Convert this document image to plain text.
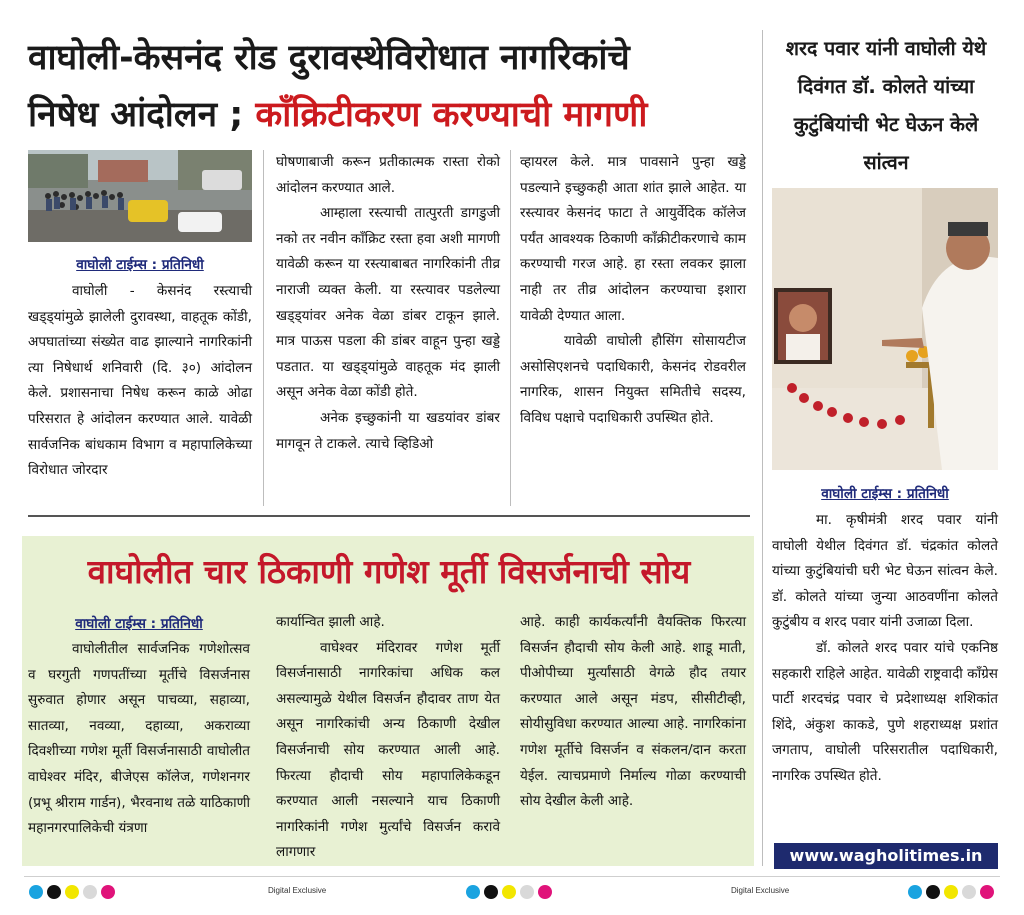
वाघोली-केसनंद रोड दुरावस्थेविरोधात नागरिकांचे
निषेध आंदोलन ; कॉंक्रिटीकरण करण्याची मागणी
वाघोली टाईम्स : प्रतिनिधी

वाघोली - केसनंद रस्त्याची खड्ड्यांमुळे झालेली दुरावस्था, वाहतूक कोंडी, अपघातांच्या संख्येत वाढ झाल्याने नागरिकांनी त्या निषेधार्थ शनिवारी (दि. ३०) आंदोलन केले. प्रशासनाचा निषेध करून काळे ओढा परिसरात हे आंदोलन करण्यात आले. यावेळी सार्वजनिक बांधकाम विभाग व महापालिकेच्या विरोधात जोरदार

घोषणाबाजी करून प्रतीकात्मक रास्ता रोको आंदोलन करण्यात आले.

आम्हाला रस्त्याची तात्पुरती डागडुजी नको तर नवीन कॉंक्रिट रस्ता हवा अशी मागणी यावेळी करून या रस्त्याबाबत नागरिकांनी तीव्र नाराजी व्यक्त केली. या रस्त्यावर पडलेल्या खड्ड्यांवर अनेक वेळा डांबर टाकून झाले. मात्र पाऊस पडला की डांबर वाहून पुन्हा खड्डे पडतात. या खड्ड्यांमुळे वाहतूक मंद झाली असून अनेक वेळा कोंडी होते.

अनेक इच्छुकांनी या खडयांवर डांबर मागवून ते टाकले. त्याचे व्हिडिओ

व्हायरल केले. मात्र पावसाने पुन्हा खड्डे पडल्याने इच्छुकही आता शांत झाले आहेत. या रस्त्यावर केसनंद फाटा ते आयुर्वेदिक कॉलेज पर्यंत आवश्यक ठिकाणी कॉंक्रीटीकरणाचे काम करण्याची गरज आहे. हा रस्ता लवकर झाला नाही तर तीव्र आंदोलन करण्याचा इशारा यावेळी देण्यात आला.

यावेळी वाघोली हौसिंग सोसायटीज असोसिएशनचे पदाधिकारी, केसनंद रोडवरील नागरिक, शासन नियुक्त समितीचे सदस्य, विविध पक्षाचे पदाधिकारी उपस्थित होते.

शरद पवार यांनी वाघोली येथे दिवंगत डॉ. कोलते यांच्या कुटुंबियांची भेट घेऊन केले सांत्वन
वाघोली टाईम्स : प्रतिनिधी

मा. कृषीमंत्री शरद पवार यांनी वाघोली येथील दिवंगत डॉ. चंद्रकांत कोलते यांच्या कुटुंबियांची घरी भेट घेऊन सांत्वन केले. डॉ. कोलते यांच्या जुन्या आठवणींना कोलते कुटुंबीय व शरद पवार यांनी उजाळा दिला.

डॉ. कोलते शरद पवार यांचे एकनिष्ठ सहकारी राहिले आहेत. यावेळी राष्ट्रवादी कॉंग्रेस पार्टी शरदचंद्र पवार चे प्रदेशाध्यक्ष शशिकांत शिंदे, अंकुश काकडे, पुणे शहराध्यक्ष प्रशांत जगताप, वाघोली परिसरातील पदाधिकारी, नागरिक उपस्थित होते.

www.wagholitimes.in
वाघोलीत चार ठिकाणी गणेश मूर्ती विसर्जनाची सोय
वाघोली टाईम्स : प्रतिनिधी

वाघोलीतील सार्वजनिक गणेशोत्सव व घरगुती गणपतींच्या मूर्तीचे विसर्जनास सुरुवात होणार असून पाचव्या, सहाव्या, सातव्या, नवव्या, दहाव्या, अकराव्या दिवशीच्या गणेश मूर्ती विसर्जनासाठी वाघोलीत वाघेश्वर मंदिर, बीजेएस कॉलेज, गणेशनगर (प्रभू श्रीराम गार्डन), भैरवनाथ तळे याठिकाणी महानगरपालिकेची यंत्रणा

कार्यान्वित झाली आहे.

वाघेश्वर मंदिरावर गणेश मूर्ती विसर्जनासाठी नागरिकांचा अधिक कल असल्यामुळे येथील विसर्जन हौदावर ताण येत असून नागरिकांची अन्य ठिकाणी देखील विसर्जनाची सोय करण्यात आली आहे. फिरत्या हौदाची सोय महापालिकेकडून करण्यात आली नसल्याने याच ठिकाणी नागरिकांनी गणेश मुर्त्यांचे विसर्जन करावे लागणार

आहे. काही कार्यकर्त्यांनी वैयक्तिक फिरत्या विसर्जन हौदाची सोय केली आहे. शाडू माती, पीओपीच्या मुर्त्यांसाठी वेगळे हौद तयार करण्यात आले असून मंडप, सीसीटीव्ही, सोयीसुविधा करण्यात आल्या आहे. नागरिकांना गणेश मूर्तीचे विसर्जन व संकलन/दान करता येईल. त्याचप्रमाणे निर्माल्य गोळा करण्याची सोय देखील केली आहे.

Digital Exclusive	Digital Exclusive
